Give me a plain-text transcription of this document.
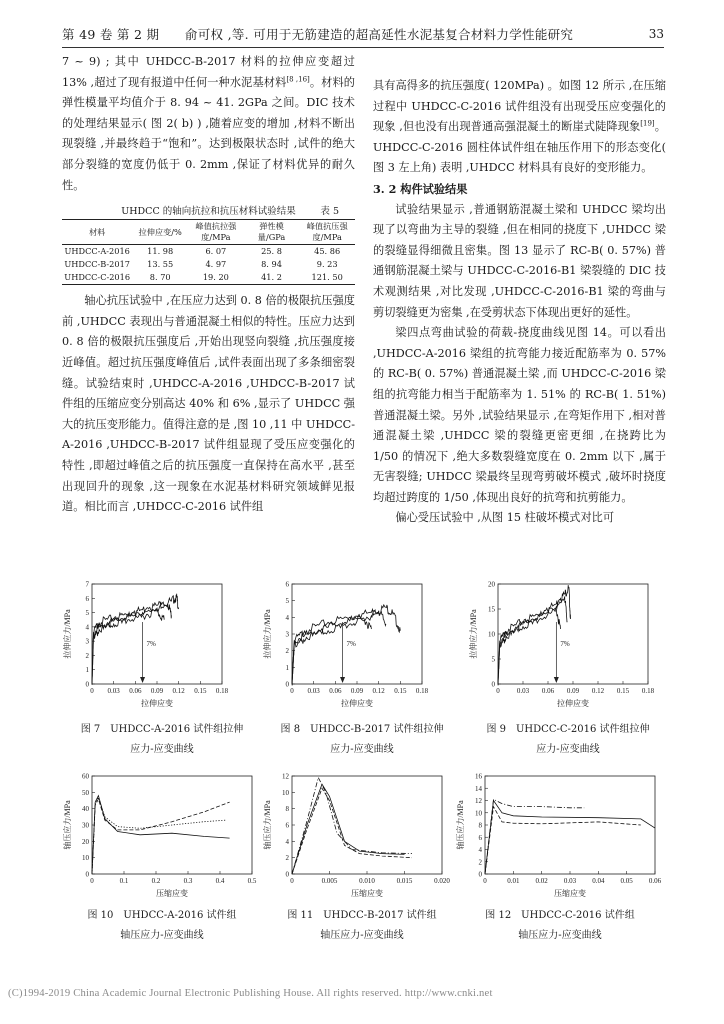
第 49 卷 第 2 期　　俞可权 ,等. 可用于无筋建造的超高延性水泥基复合材料力学性能研究	33

7 ~ 9) ; 其中 UHDCC-B-2017 材料的拉伸应变超过 13% ,超过了现有报道中任何一种水泥基材料[8 ,16]。材料的弹性模量平均值介于 8. 94 ~ 41. 2GPa 之间。DIC 技术的处理结果显示( 图 2( b) ) ,随着应变的增加 ,材料不断出现裂缝 ,并最终趋于“饱和”。达到极限状态时 ,试件的绝大部分裂缝的宽度仍低于 0. 2mm ,保证了材料优异的耐久性。

UHDCC 的轴向抗拉和抗压材料试验结果	表 5

材料	拉伸应变/%	峰值抗拉强度/MPa	弹性模量/GPa	峰值抗压强度/MPa
UHDCC-A-2016	11. 98	6. 07	25. 8	45. 86
UHDCC-B-2017	13. 55	4. 97	8. 94	9. 23
UHDCC-C-2016	8. 70	19. 20	41. 2	121. 50

轴心抗压试验中 ,在压应力达到 0. 8 倍的极限抗压强度前 ,UHDCC 表现出与普通混凝土相似的特性。压应力达到 0. 8 倍的极限抗压强度后 ,开始出现竖向裂缝 ,抗压强度接近峰值。超过抗压强度峰值后 ,试件表面出现了多条细密裂缝。试验结束时 ,UHDCC-A-2016 ,UHDCC-B-2017 试件组的压缩应变分别高达 40% 和 6% ,显示了 UHDCC 强大的抗压变形能力。值得注意的是 ,图 10 ,11 中 UHDCC-A-2016 ,UHDCC-B-2017 试件组显现了受压应变强化的特性 ,即超过峰值之后的抗压强度一直保持在高水平 ,甚至出现回升的现象 ,这一现象在水泥基材料研究领域鲜见报道。相比而言 ,UHDCC-C-2016 试件组

具有高得多的抗压强度( 120MPa) 。如图 12 所示 ,在压缩过程中 UHDCC-C-2016 试件组没有出现受压应变强化的现象 ,但也没有出现普通高强混凝土的断崖式陡降现象[19]。UHDCC-C-2016 圆柱体试件组在轴压作用下的形态变化( 图 3 左上角) 表明 ,UHDCC 材料具有良好的变形能力。

3. 2 构件试验结果

试验结果显示 ,普通钢筋混凝土梁和 UHDCC 梁均出现了以弯曲为主导的裂缝 ,但在相同的挠度下 ,UHDCC 梁的裂缝显得细微且密集。图 13 显示了 RC-B( 0. 57%) 普通钢筋混凝土梁与 UHDCC-C-2016-B1 梁裂缝的 DIC 技术观测结果 ,对比发现 ,UHDCC-C-2016-B1 梁的弯曲与剪切裂缝更为密集 ,在受剪状态下体现出更好的延性。

梁四点弯曲试验的荷载-挠度曲线见图 14。可以看出 ,UHDCC-A-2016 梁组的抗弯能力接近配筋率为 0. 57% 的 RC-B( 0. 57%) 普通混凝土梁 ,而 UHDCC-C-2016 梁组的抗弯能力相当于配筋率为 1. 51% 的 RC-B( 1. 51%) 普通混凝土梁。另外 ,试验结果显示 ,在弯矩作用下 ,相对普通混凝土梁 ,UHDCC 梁的裂缝更密更细 ,在挠跨比为 1/50 的情况下 ,绝大多数裂缝宽度在 0. 2mm 以下 ,属于无害裂缝; UHDCC 梁最终呈现弯剪破坏模式 ,破坏时挠度均超过跨度的 1/50 ,体现出良好的抗弯和抗剪能力。

偏心受压试验中 ,从图 15 柱破坏模式对比可

0 0.03 0.06 0.09 0.12 0.15 0.18
0
1
2
3
4
5
6
7
拉伸应变
拉伸应力/MPa	7%
0 0.03 0.06 0.09 0.12 0.15 0.18
0
1
2
3
4
5
6
拉伸应变
拉伸应力/MPa	7%
0 0.03 0.06 0.09 0.12 0.15 0.18
0
5
10
15
20
拉伸应变
拉伸应力/MPa	7%
图 7　UHDCC-A-2016 试件组拉伸
应力-应变曲线
图 8　UHDCC-B-2017 试件组拉伸
应力-应变曲线
图 9　UHDCC-C-2016 试件组拉伸
应力-应变曲线
0	0.1	0.2	0.3	0.4	0.5
0
10
20
30
40
50
60
压缩应变
轴压应力/MPa
0	0.005	0.010	0.015	0.020
0
2
4
6
8
10
12
压缩应变
轴压应力/MPa
0	0.01 0.02 0.03 0.04 0.05 0.06
0
2
4
6
8
10
12
14
16
压缩应变
轴压应力/MPa
图 10　UHDCC-A-2016 试件组
轴压应力-应变曲线
图 11　UHDCC-B-2017 试件组
轴压应力-应变曲线
图 12　UHDCC-C-2016 试件组
轴压应力-应变曲线
(C)1994-2019 China Academic Journal Electronic Publishing House. All rights reserved. http://www.cnki.net
